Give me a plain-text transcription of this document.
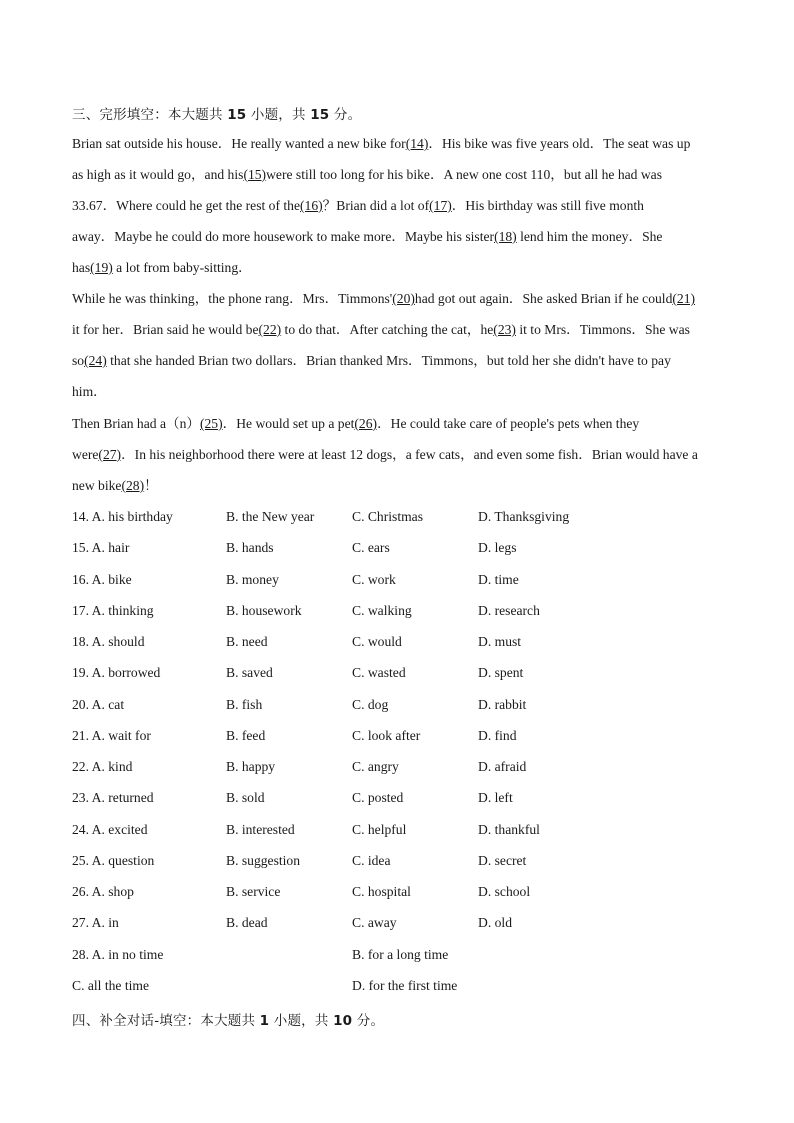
三、完形填空：本大题共 15 小题，共 15 分。
Brian sat outside his house．He really wanted a new bike for(14)．His bike was five years old．The seat was up
as high as it would go，and his(15)were still too long for his bike．A new one cost 110，but all he had was
33.67．Where could he get the rest of the(16)？Brian did a lot of(17)．His birthday was still five month
away．Maybe he could do more housework to make more．Maybe his sister(18) lend him the money．She
has(19) a lot from baby-sitting．
While he was thinking，the phone rang．Mrs．Timmons'(20)had got out again．She asked Brian if he could(21)
it for her．Brian said he would be(22) to do that．After catching the cat，he(23) it to Mrs．Timmons．She was
so(24) that she handed Brian two dollars．Brian thanked Mrs．Timmons，but told her she didn't have to pay
him．
Then Brian had a（n）(25)．He would set up a pet(26)．He could take care of people's pets when they
were(27)．In his neighborhood there were at least 12 dogs，a few cats，and even some fish．Brian would have a
new bike(28)！
14. A. his birthday	B. the New year	C. Christmas	D. Thanksgiving
15. A. hair	B. hands	C. ears	D. legs
16. A. bike	B. money	C. work	D. time
17. A. thinking	B. housework	C. walking	D. research
18. A. should	B. need	C. would	D. must
19. A. borrowed	B. saved	C. wasted	D. spent
20. A. cat	B. fish	C. dog	D. rabbit
21. A. wait for	B. feed	C. look after	D. find
22. A. kind	B. happy	C. angry	D. afraid
23. A. returned	B. sold	C. posted	D. left
24. A. excited	B. interested	C. helpful	D. thankful
25. A. question	B. suggestion	C. idea	D. secret
26. A. shop	B. service	C. hospital	D. school
27. A. in	B. dead	C. away	D. old
28. A. in no time	B. for a long time
C. all the time	D. for the first time
四、补全对话-填空：本大题共 1 小题，共 10 分。
